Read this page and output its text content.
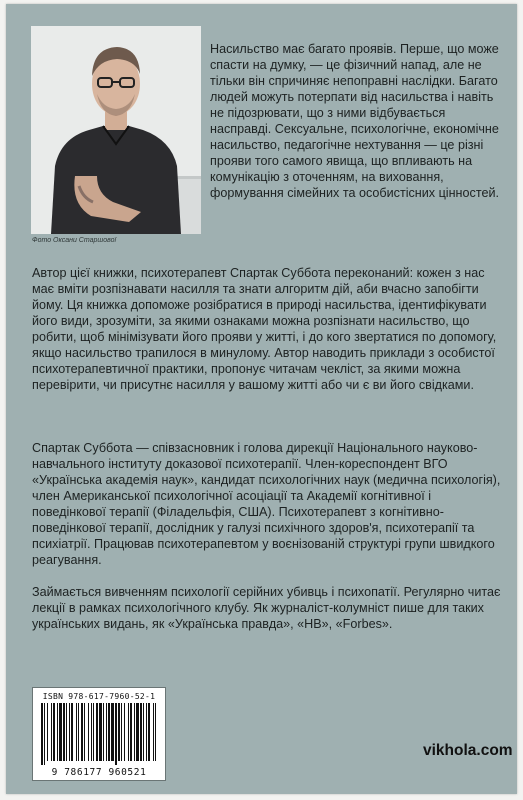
Фото Оксани Старшової

Насильство має багато проявів. Перше, що може спасти на думку, — це фізичний напад, але не тільки він спричиняє непоправні наслідки. Багато людей можуть потерпати від насильства і навіть не підозрювати, що з ними відбувається насправді. Сексуальне, психологічне, економічне насильство, педагогічне нехтування — це різні прояви того самого явища, що впливають на комунікацію з оточенням, на виховання, формування сімейних та особистісних цінностей.

Автор цієї книжки, психотерапевт Спартак Суббота переконаний: кожен з нас має вміти розпізнавати насилля та знати алгоритм дій, аби вчасно запобігти йому. Ця книжка допоможе розібратися в природі насильства, ідентифікувати його види, зрозуміти, за якими ознаками можна розпізнати насильство, що робити, щоб мінімізувати його прояви у житті, і до кого звертатися по допомогу, якщо насильство трапилося в минулому. Автор наводить приклади з особистої психотерапевтичної практики, пропонує читачам чекліст, за якими можна перевірити, чи присутнє насилля у вашому житті або чи є ви його свідками.

Спартак Суббота — співзасновник і голова дирекції Національного науково-навчального інституту доказової психотерапії. Член-кореспондент ВГО «Українська академія наук», кандидат психологічних наук (медична психологія), член Американської психологічної асоціації та Академії когнітивної і поведінкової терапії (Філадельфія, США). Психотерапевт з когнітивно-поведінкової терапії, дослідник у галузі психічного здоров'я, психотерапії та психіатрії. Працював психотерапевтом у воєнізованій структурі групи швидкого реагування.

Займається вивченням психології серійних убивць і психопатії. Регулярно читає лекції в рамках психологічного клубу. Як журналіст-колумніст пише для таких українських видань, як «Українська правда», «НВ», «Forbes».

ISBN 978-617-7960-52-1
9 786177 960521
vikhola.com
